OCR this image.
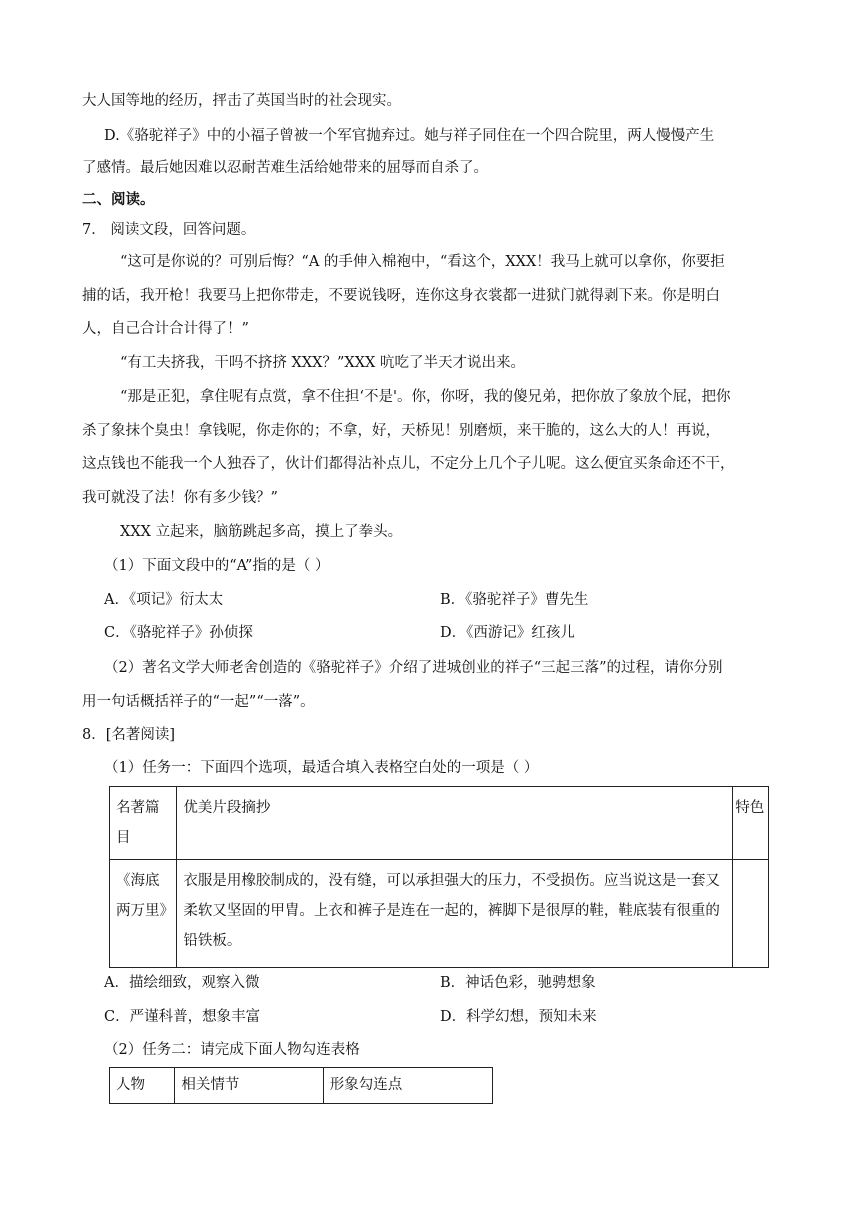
大人国等地的经历，抨击了英国当时的社会现实。
D.《骆驼祥子》中的小福子曾被一个军官抛弃过。她与祥子同住在一个四合院里，两人慢慢产生
了感情。最后她因难以忍耐苦难生活给她带来的屈辱而自杀了。
二、阅读。
7． 阅读文段，回答问题。
“这可是你说的？可别后悔？“A 的手伸入棉袍中，“看这个，XXX！我马上就可以拿你，你要拒
捕的话，我开枪！我要马上把你带走，不要说钱呀，连你这身衣裳都一进狱门就得剥下来。你是明白
人，自己合计合计得了！”
“有工夫挤我，干吗不挤挤 XXX？”XXX 吭吃了半天才说出来。
“那是正犯，拿住呢有点赏，拿不住担‘不是'。你，你呀，我的傻兄弟，把你放了象放个屁，把你
杀了象抹个臭虫！拿钱呢，你走你的；不拿，好，天桥见！别磨烦，来干脆的，这么大的人！再说，
这点钱也不能我一个人独吞了，伙计们都得沾补点儿，不定分上几个子儿呢。这么便宜买条命还不干，
我可就没了法！你有多少钱？”
XXX 立起来，脑筋跳起多高，摸上了拳头。
（1）下面文段中的“A”指的是（ ）
A．《项记》衍太太	B．《骆驼祥子》曹先生
C．《骆驼祥子》孙侦探	D．《西游记》红孩儿
（2）著名文学大师老舍创造的《骆驼祥子》介绍了进城创业的祥子“三起三落”的过程，请你分别
用一句话概括祥子的“一起”“一落”。
8．[名著阅读]
（1）任务一：下面四个选项，最适合填入表格空白处的一项是（ ）
名著篇目	优美片段摘抄	特色
《海底两万里》	衣服是用橡胶制成的，没有缝，可以承担强大的压力，不受损伤。应当说这是一套又柔软又坚固的甲胄。上衣和裤子是连在一起的，裤脚下是很厚的鞋，鞋底装有很重的铅铁板。	
A．描绘细致，观察入微	B．神话色彩，驰骋想象
C．严谨科普，想象丰富	D．科学幻想，预知未来
（2）任务二：请完成下面人物勾连表格
人物	相关情节	形象勾连点
